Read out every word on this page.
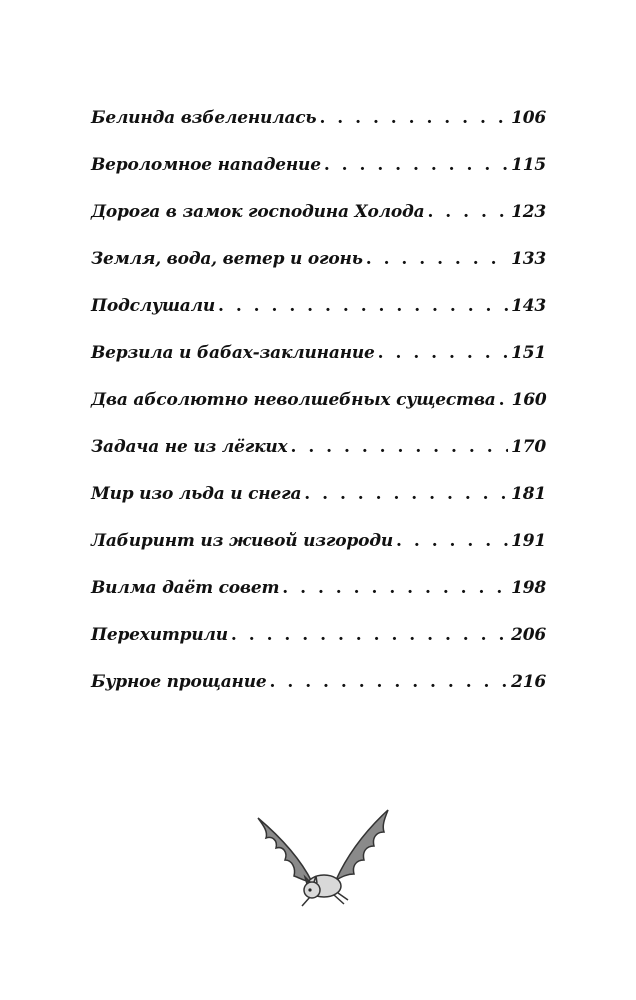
Белинда взбеленилась . . .	106
Вероломное нападение . . .	115
Дорога в замок господина Холода . . .	123
Земля, вода, ветер и огонь . . .	133
Подслушали . . .	143
Верзила и бабах-заклинание . . .	151
Два абсолютно неволшебных существа . . . 160
Задача не из лёгких . . .	170
Мир изо льда и снега . . .	181
Лабиринт из живой изгороди . . .	191
Вилма даёт совет . . .	198
Перехитрили . . .	206
Бурное прощание . . .	216
